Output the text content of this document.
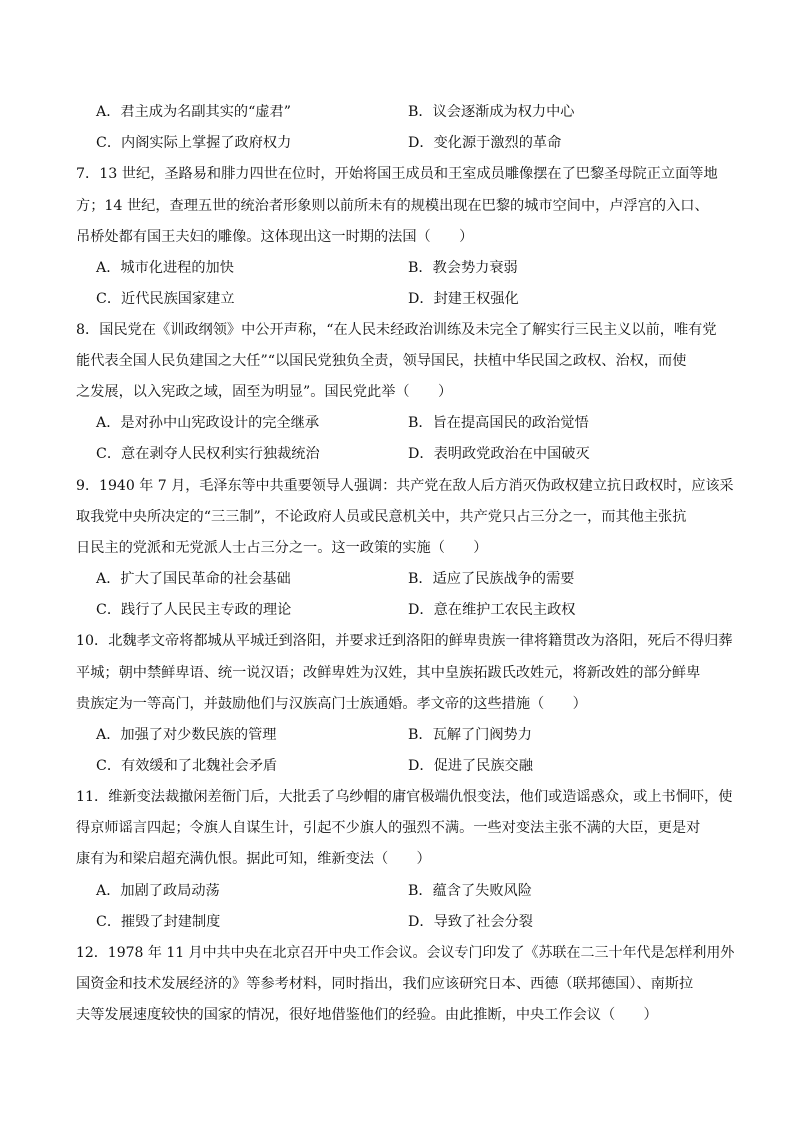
A．君主成为名副其实的“虚君”	B．议会逐渐成为权力中心
C．内阁实际上掌握了政府权力	D．变化源于激烈的革命
7．13 世纪，圣路易和腓力四世在位时，开始将国王成员和王室成员雕像摆在了巴黎圣母院正立面等地
方；14 世纪，查理五世的统治者形象则以前所未有的规模出现在巴黎的城市空间中，卢浮宫的入口、
吊桥处都有国王夫妇的雕像。这体现出这一时期的法国（　　）
A．城市化进程的加快	B．教会势力衰弱
C．近代民族国家建立	D．封建王权强化
8．国民党在《训政纲领》中公开声称，“在人民未经政治训练及未完全了解实行三民主义以前，唯有党
能代表全国人民负建国之大任”“以国民党独负全责，领导国民，扶植中华民国之政权、治权，而使
之发展，以入宪政之域，固至为明显”。国民党此举（　　）
A．是对孙中山宪政设计的完全继承	B．旨在提高国民的政治觉悟
C．意在剥夺人民权利实行独裁统治	D．表明政党政治在中国破灭
9．1940 年 7 月，毛泽东等中共重要领导人强调：共产党在敌人后方消灭伪政权建立抗日政权时，应该采
取我党中央所决定的“三三制”，不论政府人员或民意机关中，共产党只占三分之一，而其他主张抗
日民主的党派和无党派人士占三分之一。这一政策的实施（　　）
A．扩大了国民革命的社会基础	B．适应了民族战争的需要
C．践行了人民民主专政的理论	D．意在维护工农民主政权
10．北魏孝文帝将都城从平城迁到洛阳，并要求迁到洛阳的鲜卑贵族一律将籍贯改为洛阳，死后不得归葬
平城；朝中禁鲜卑语、统一说汉语；改鲜卑姓为汉姓，其中皇族拓跋氏改姓元，将新改姓的部分鲜卑
贵族定为一等高门，并鼓励他们与汉族高门士族通婚。孝文帝的这些措施（　　）
A．加强了对少数民族的管理	B．瓦解了门阀势力
C．有效缓和了北魏社会矛盾	D．促进了民族交融
11．维新变法裁撤闲差衙门后，大批丢了乌纱帽的庸官极端仇恨变法，他们或造谣惑众，或上书恫吓，使
得京师谣言四起；令旗人自谋生计，引起不少旗人的强烈不满。一些对变法主张不满的大臣，更是对
康有为和梁启超充满仇恨。据此可知，维新变法（　　）
A．加剧了政局动荡	B．蕴含了失败风险
C．摧毁了封建制度	D．导致了社会分裂
12．1978 年 11 月中共中央在北京召开中央工作会议。会议专门印发了《苏联在二三十年代是怎样利用外
国资金和技术发展经济的》等参考材料，同时指出，我们应该研究日本、西德（联邦德国）、南斯拉
夫等发展速度较快的国家的情况，很好地借鉴他们的经验。由此推断，中央工作会议（　　）
